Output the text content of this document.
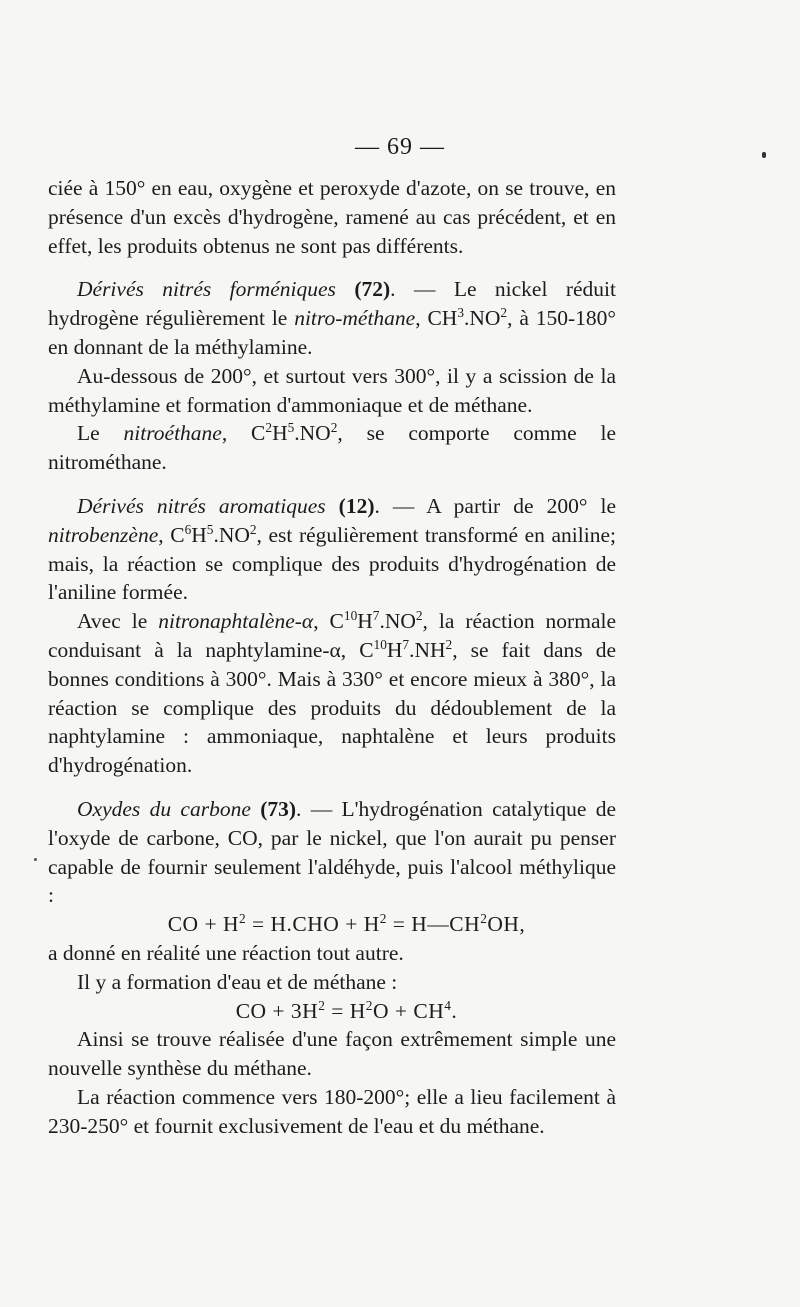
— 69 —

ciée à 150° en eau, oxygène et peroxyde d'azote, on se trouve, en présence d'un excès d'hydrogène, ramené au cas précédent, et en effet, les produits obtenus ne sont pas différents.

Dérivés nitrés forméniques (72). — Le nickel réduit hydrogène régulièrement le nitro-méthane, $CH^3.NO^2$, à 150-180° en donnant de la méthylamine.

Au-dessous de 200°, et surtout vers 300°, il y a scission de la méthylamine et formation d'ammoniaque et de méthane.

Le nitroéthane, $C^2H^5.NO^2$, se comporte comme le nitrométhane.

Dérivés nitrés aromatiques (12). — A partir de 200° le nitrobenzène, $C^6H^5.NO^2$, est régulièrement transformé en aniline; mais, la réaction se complique des produits d'hydrogénation de l'aniline formée.

Avec le nitronaphtalène-α, $C^{10}H^7.NO^2$, la réaction normale conduisant à la naphtylamine-α, $C^{10}H^7.NH^2$, se fait dans de bonnes conditions à 300°. Mais à 330° et encore mieux à 380°, la réaction se complique des produits du dédoublement de la naphtylamine : ammoniaque, naphtalène et leurs produits d'hydrogénation.

Oxydes du carbone (73). — L'hydrogénation catalytique de l'oxyde de carbone, CO, par le nickel, que l'on aurait pu penser capable de fournir seulement l'aldéhyde, puis l'alcool méthylique :

CO + $H^2 = H.CHO + H^2$ = $H—CH^2OH$,

a donné en réalité une réaction tout autre.

Il y a formation d'eau et de méthane :

CO + $3H^2 = H^2O + CH^4$.

Ainsi se trouve réalisée d'une façon extrêmement simple une nouvelle synthèse du méthane.

La réaction commence vers 180-200°; elle a lieu facilement à 230-250° et fournit exclusivement de l'eau et du méthane.
